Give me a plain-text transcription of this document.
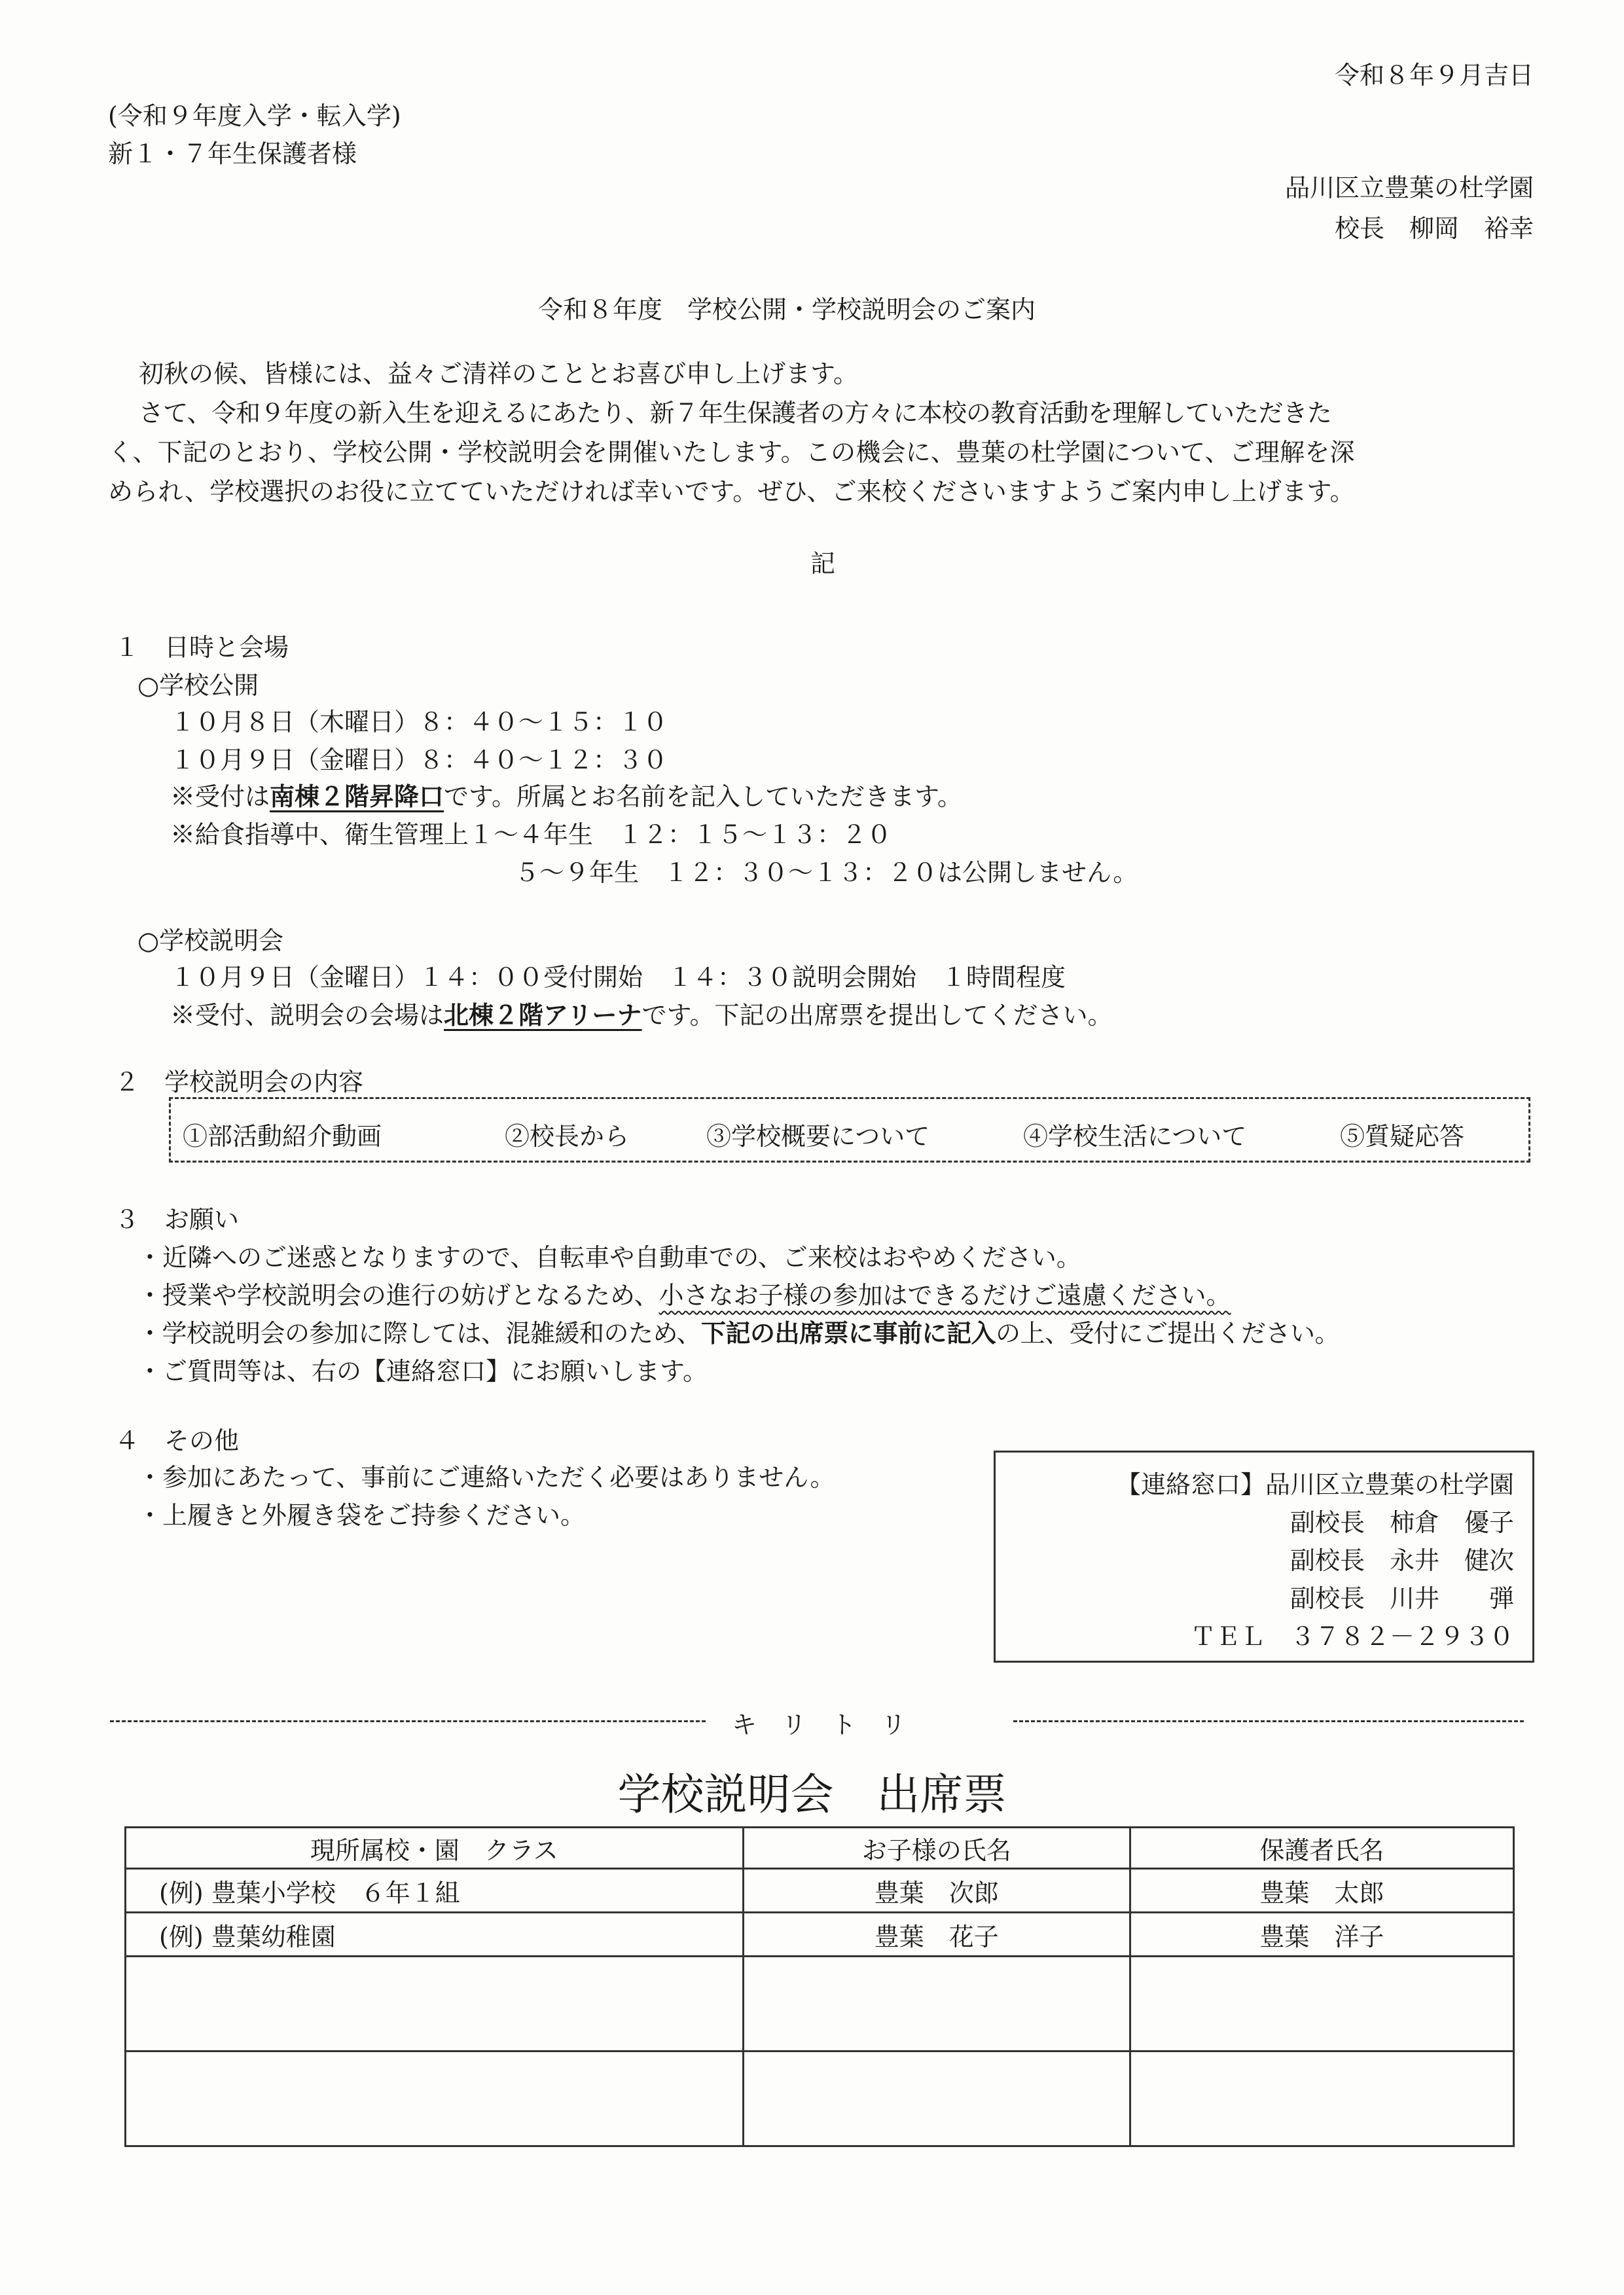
令和８年９月吉日
(令和９年度入学・転入学)
新１・７年生保護者様
品川区立豊葉の杜学園
校長　柳岡　裕幸
令和８年度　学校公開・学校説明会のご案内
初秋の候、皆様には、益々ご清祥のこととお喜び申し上げます。
さて、令和９年度の新入生を迎えるにあたり、新７年生保護者の方々に本校の教育活動を理解していただきた
く、下記のとおり、学校公開・学校説明会を開催いたします。この機会に、豊葉の杜学園について、ご理解を深
められ、学校選択のお役に立てていただければ幸いです。ぜひ、ご来校くださいますようご案内申し上げます。
記
１　日時と会場
○学校公開
１０月８日（木曜日）８：４０～１５：１０
１０月９日（金曜日）８：４０～１２：３０
※受付は南棟２階昇降口です。所属とお名前を記入していただきます。
※給食指導中、衛生管理上１～４年生　１２：１５～１３：２０
５～９年生　１２：３０～１３：２０は公開しません。
○学校説明会
１０月９日（金曜日）１４：００受付開始　１４：３０説明会開始　１時間程度
※受付、説明会の会場は北棟２階アリーナです。下記の出席票を提出してください。
２　学校説明会の内容
①部活動紹介動画	②校長から	③学校概要について	④学校生活について	⑤質疑応答
３　お願い
・近隣へのご迷惑となりますので、自転車や自動車での、ご来校はおやめください。
・授業や学校説明会の進行の妨げとなるため、小さなお子様の参加はできるだけご遠慮ください。
・学校説明会の参加に際しては、混雑緩和のため、下記の出席票に事前に記入の上、受付にご提出ください。
・ご質問等は、右の【連絡窓口】にお願いします。
４　その他
・参加にあたって、事前にご連絡いただく必要はありません。
・上履きと外履き袋をご持参ください。
【連絡窓口】品川区立豊葉の杜学園
副校長　柿倉　優子
副校長　永井　健次
副校長　川井　　弾
ＴＥＬ　３７８２－２９３０
キ　リ　ト　リ
学校説明会　出席票
現所属校・園　クラス	お子様の氏名	保護者氏名
(例) 豊葉小学校　６年１組	豊葉　次郎	豊葉　太郎
(例) 豊葉幼稚園	豊葉　花子	豊葉　洋子
